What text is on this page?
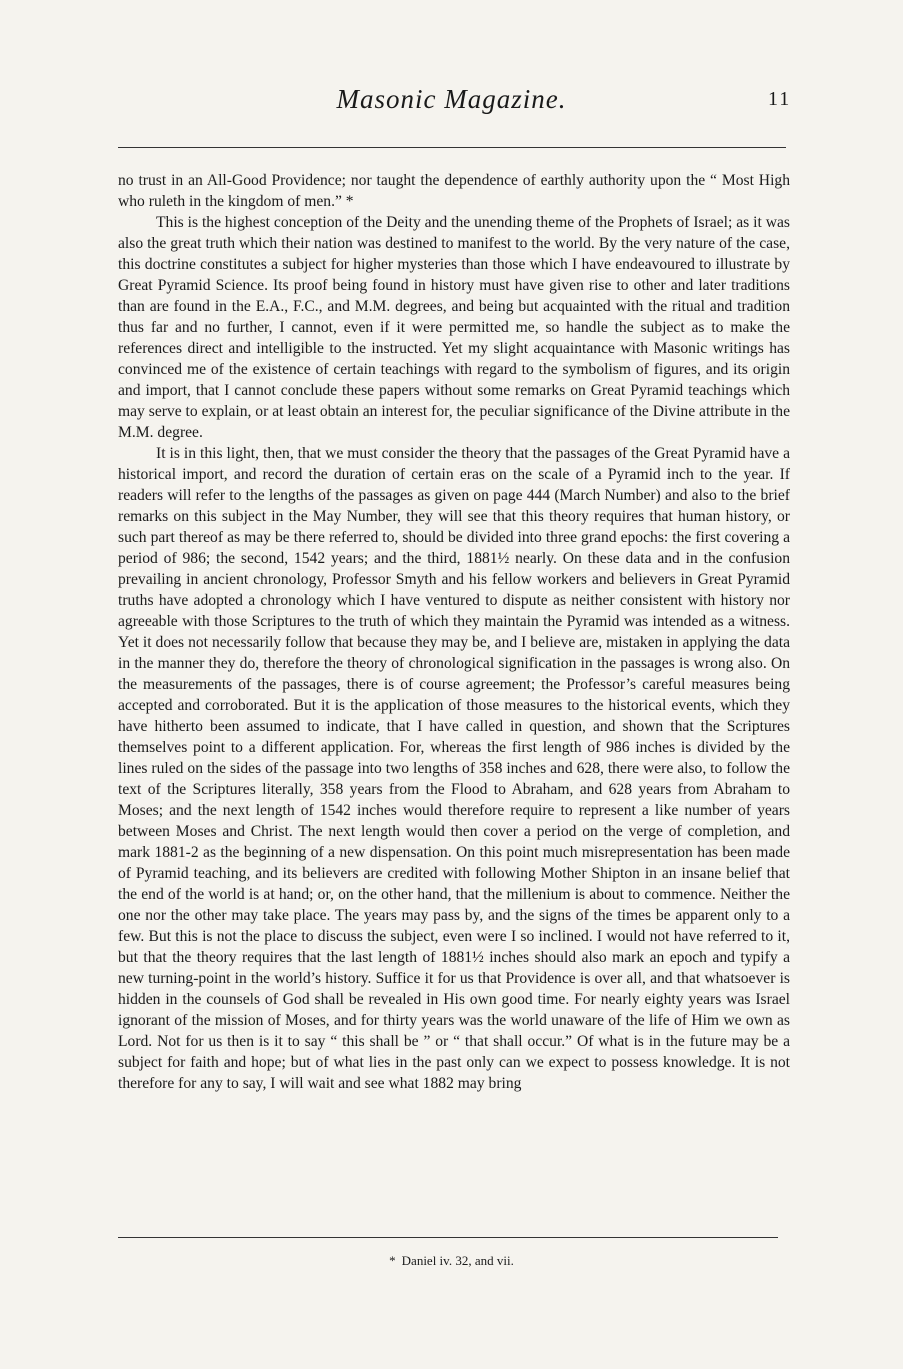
Masonic Magazine.	11

no trust in an All-Good Providence; nor taught the dependence of earthly authority upon the “ Most High who ruleth in the kingdom of men.” *

This is the highest conception of the Deity and the unending theme of the Prophets of Israel; as it was also the great truth which their nation was destined to manifest to the world. By the very nature of the case, this doctrine constitutes a subject for higher mysteries than those which I have endeavoured to illustrate by Great Pyramid Science. Its proof being found in history must have given rise to other and later traditions than are found in the E.A., F.C., and M.M. degrees, and being but acquainted with the ritual and tradition thus far and no further, I cannot, even if it were permitted me, so handle the subject as to make the references direct and intelligible to the instructed. Yet my slight acquaintance with Masonic writings has convinced me of the existence of certain teachings with regard to the symbolism of figures, and its origin and import, that I cannot conclude these papers without some remarks on Great Pyramid teachings which may serve to explain, or at least obtain an interest for, the peculiar significance of the Divine attribute in the M.M. degree.

It is in this light, then, that we must consider the theory that the passages of the Great Pyramid have a historical import, and record the duration of certain eras on the scale of a Pyramid inch to the year. If readers will refer to the lengths of the passages as given on page 444 (March Number) and also to the brief remarks on this subject in the May Number, they will see that this theory requires that human history, or such part thereof as may be there referred to, should be divided into three grand epochs: the first covering a period of 986; the second, 1542 years; and the third, 1881½ nearly. On these data and in the confusion prevailing in ancient chronology, Professor Smyth and his fellow workers and believers in Great Pyramid truths have adopted a chronology which I have ventured to dispute as neither consistent with history nor agreeable with those Scriptures to the truth of which they maintain the Pyramid was intended as a witness. Yet it does not necessarily follow that because they may be, and I believe are, mistaken in applying the data in the manner they do, therefore the theory of chronological signification in the passages is wrong also. On the measurements of the passages, there is of course agreement; the Professor’s careful measures being accepted and corroborated. But it is the application of those measures to the historical events, which they have hitherto been assumed to indicate, that I have called in question, and shown that the Scriptures themselves point to a different application. For, whereas the first length of 986 inches is divided by the lines ruled on the sides of the passage into two lengths of 358 inches and 628, there were also, to follow the text of the Scriptures literally, 358 years from the Flood to Abraham, and 628 years from Abraham to Moses; and the next length of 1542 inches would therefore require to represent a like number of years between Moses and Christ. The next length would then cover a period on the verge of completion, and mark 1881-2 as the beginning of a new dispensation. On this point much misrepresentation has been made of Pyramid teaching, and its believers are credited with following Mother Shipton in an insane belief that the end of the world is at hand; or, on the other hand, that the millenium is about to commence. Neither the one nor the other may take place. The years may pass by, and the signs of the times be apparent only to a few. But this is not the place to discuss the subject, even were I so inclined. I would not have referred to it, but that the theory requires that the last length of 1881½ inches should also mark an epoch and typify a new turning-point in the world’s history. Suffice it for us that Providence is over all, and that whatsoever is hidden in the counsels of God shall be revealed in His own good time. For nearly eighty years was Israel ignorant of the mission of Moses, and for thirty years was the world unaware of the life of Him we own as Lord. Not for us then is it to say “ this shall be ” or “ that shall occur.” Of what is in the future may be a subject for faith and hope; but of what lies in the past only can we expect to possess knowledge. It is not therefore for any to say, I will wait and see what 1882 may bring

* Daniel iv. 32, and vii.
